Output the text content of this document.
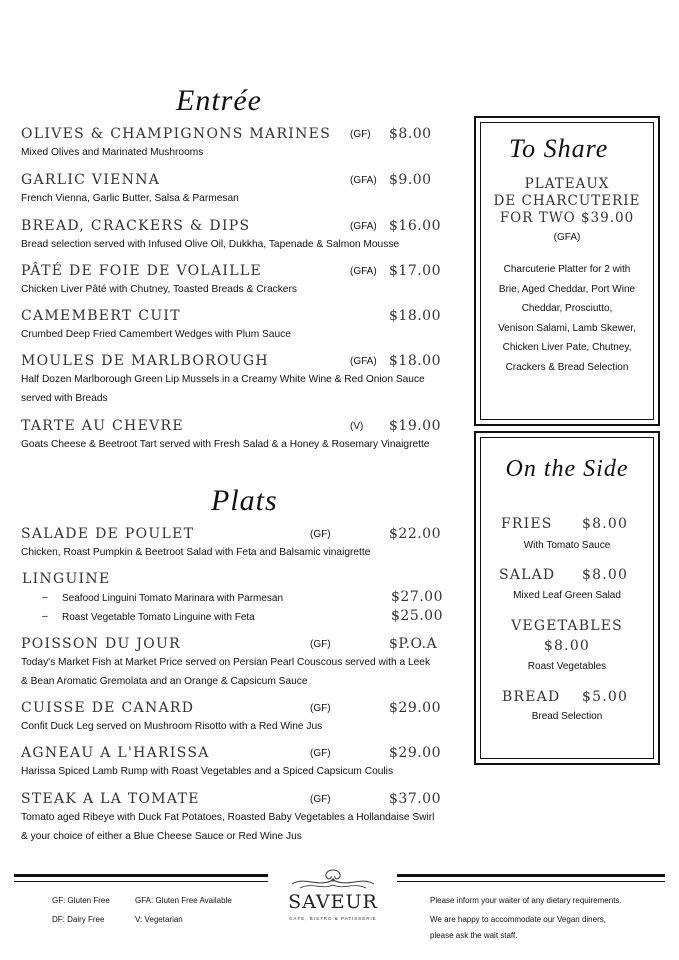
Entrée
OLIVES & CHAMPIGNONS MARINES (GF) $8.00
Mixed Olives and Marinated Mushrooms
GARLIC VIENNA	(GFA) $9.00
French Vienna, Garlic Butter, Salsa & Parmesan
BREAD, CRACKERS & DIPS	(GFA) $16.00
Bread selection served with Infused Olive Oil, Dukkha, Tapenade & Salmon Mousse
PÂTÉ DE FOIE DE VOLAILLE	(GFA) $17.00
Chicken Liver Pâté with Chutney, Toasted Breads & Crackers
CAMEMBERT CUIT	$18.00
Crumbed Deep Fried Camembert Wedges with Plum Sauce
MOULES DE MARLBOROUGH	(GFA) $18.00
Half Dozen Marlborough Green Lip Mussels in a Creamy White Wine & Red Onion Sauce
served with Breads
TARTE AU CHEVRE	(V) $19.00
Goats Cheese & Beetroot Tart served with Fresh Salad & a Honey & Rosemary Vinaigrette
Plats
SALADE DE POULET	(GF)	$22.00
Chicken, Roast Pumpkin & Beetroot Salad with Feta and Balsamic vinaigrette
POISSON DU JOUR	(GF)	$P.O.A
Today's Market Fish at Market Price served on Persian Pearl Couscous served with a Leek
& Bean Aromatic Gremolata and an Orange & Capsicum Sauce
CUISSE DE CANARD	(GF)	$29.00
Confit Duck Leg served on Mushroom Risotto with a Red Wine Jus
AGNEAU A L'HARISSA	(GF)	$29.00
Harissa Spiced Lamb Rump with Roast Vegetables and a Spiced Capsicum Coulis
STEAK A LA TOMATE	(GF)	$37.00
Tomato aged Ribeye with Duck Fat Potatoes, Roasted Baby Vegetables a Hollandaise Swirl
& your choice of either a Blue Cheese Sauce or Red Wine Jus
LINGUINE
– Seafood Linguini Tomato Marinara with Parmesan	$27.00
– Roast Vegetable Tomato Linguine with Feta	$25.00
To Share
PLATEAUX
DE CHARCUTERIE
FOR TWO $39.00
(GFA)
Charcuterie Platter for 2 with
Brie, Aged Cheddar, Port Wine
Cheddar, Prosciutto,
Venison Salami, Lamb Skewer,
Chicken Liver Pate, Chutney,
Crackers & Bread Selection
On the Side
FRIES $8.00
With Tomato Sauce
SALAD $8.00
Mixed Leaf Green Salad
VEGETABLES
$8.00
Roast Vegetables
BREAD $5.00
Bread Selection
GF: Gluten Free	GFA: Gluten Free Available
DF: Dairy Free	V: Vegetarian
SAVEUR
CAFE, BISTRO & PATISSERIE
Please inform your waiter of any dietary requirements.
We are happy to accommodate our Vegan diners,
please ask the wait staff.
